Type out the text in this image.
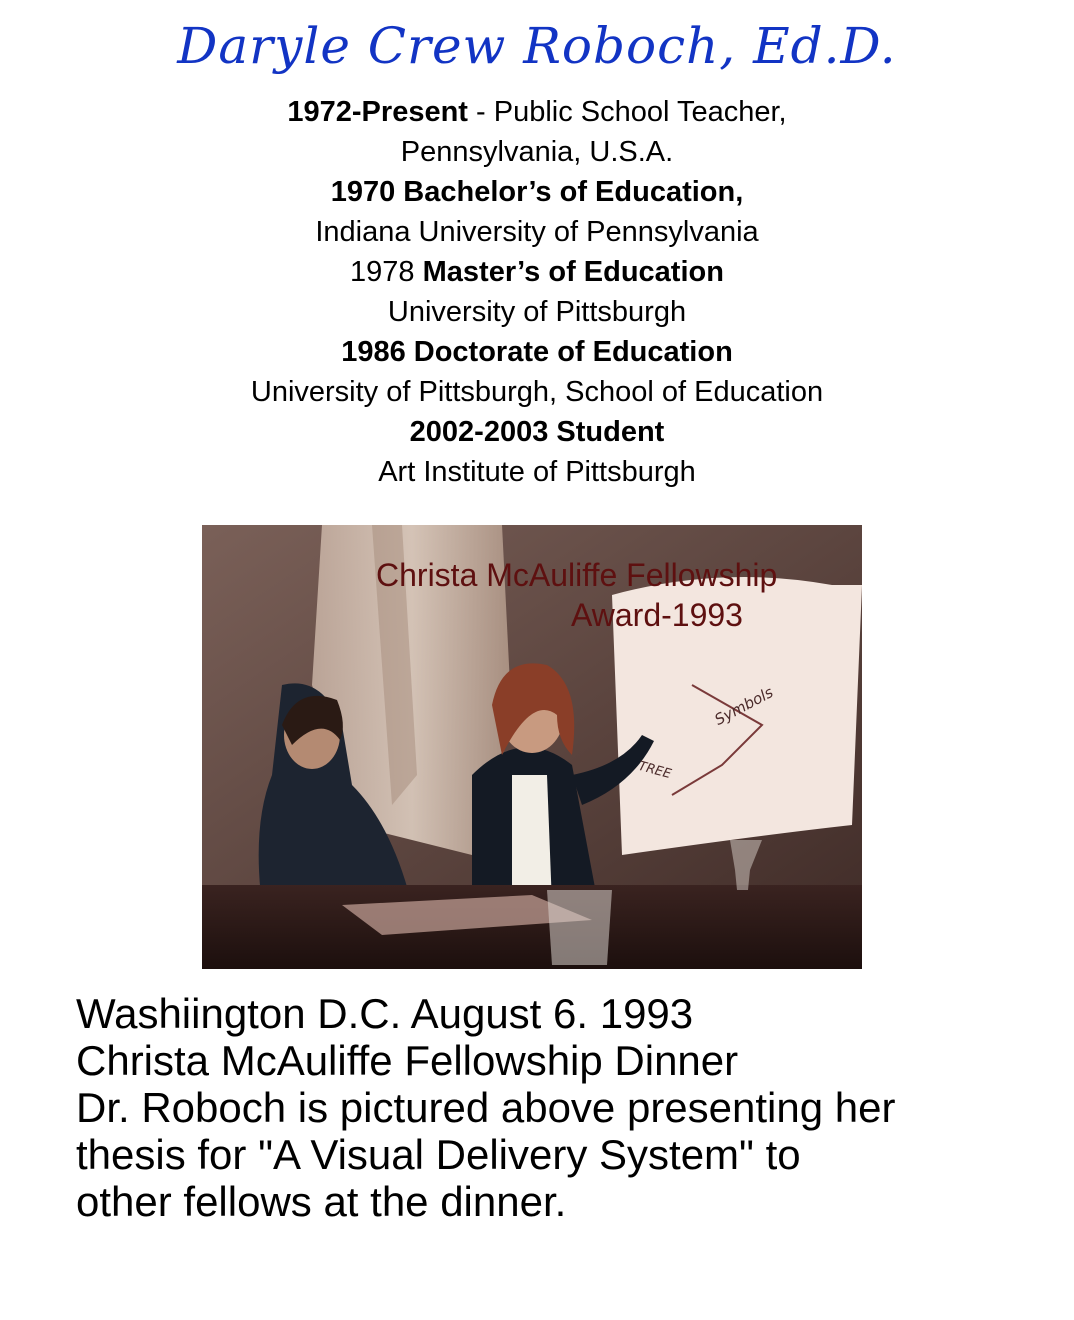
Daryle Crew Roboch, Ed.D.
1972-Present - Public School Teacher,
Pennsylvania, U.S.A.
1970 Bachelor’s of Education,
Indiana University of Pennsylvania
1978 Master’s of Education
University of Pittsburgh
1986 Doctorate of Education
University of Pittsburgh, School of Education
2002-2003 Student
Art Institute of Pittsburgh
Christa McAuliffe Fellowship
Award-1993
Symbols
TREE
Washiington D.C. August 6. 1993
Christa McAuliffe Fellowship Dinner
Dr. Roboch is pictured above presenting her
thesis for "A Visual Delivery System" to
other fellows at the dinner.
